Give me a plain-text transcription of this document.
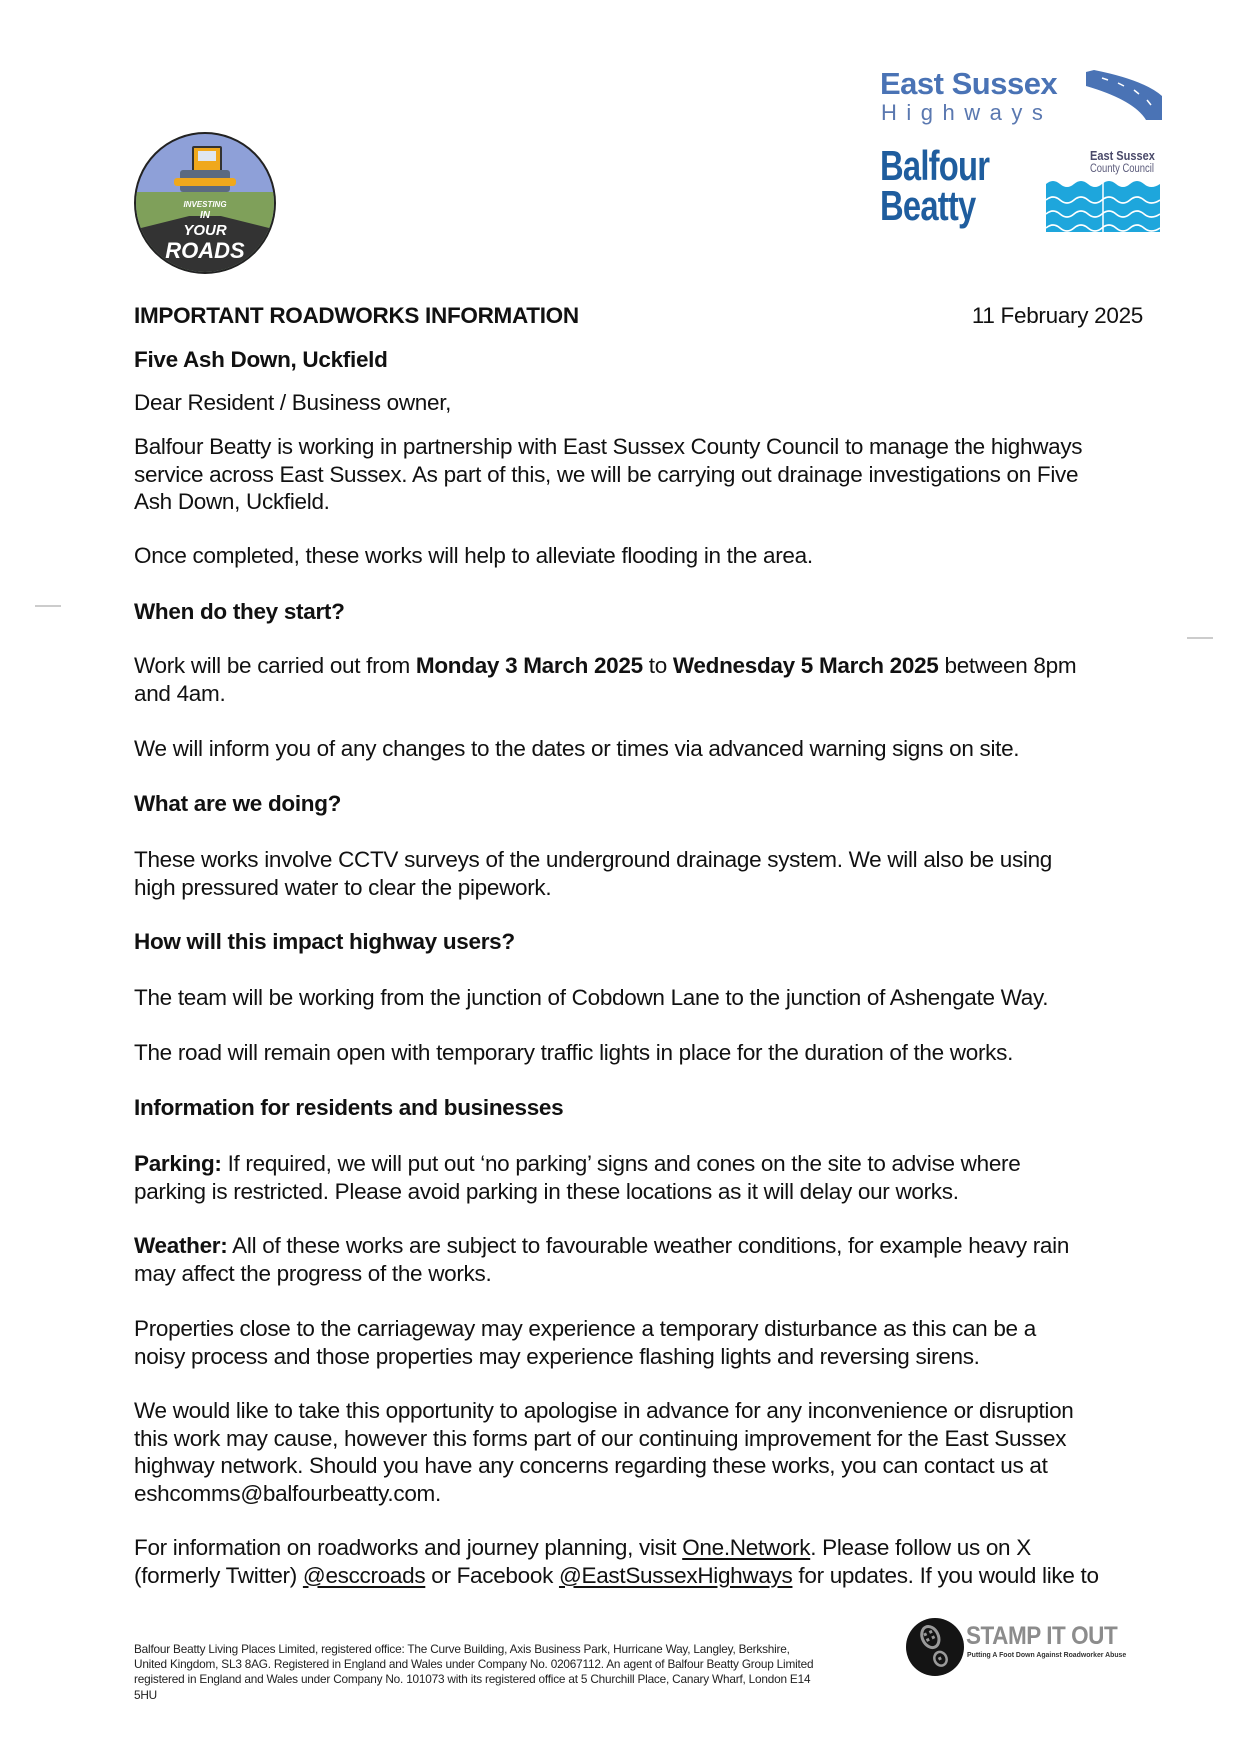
INVESTING
IN
YOUR
ROADS
East Sussex
Highways
Balfour
Beatty
East Sussex
County Council
IMPORTANT ROADWORKS INFORMATION	11 February 2025
Five Ash Down, Uckfield
Dear Resident / Business owner,
Balfour Beatty is working in partnership with East Sussex County Council to manage the highways
service across East Sussex. As part of this, we will be carrying out drainage investigations on Five
Ash Down, Uckfield.
Once completed, these works will help to alleviate flooding in the area.
When do they start?
Work will be carried out from Monday 3 March 2025 to Wednesday 5 March 2025 between 8pm
and 4am.
We will inform you of any changes to the dates or times via advanced warning signs on site.
What are we doing?
These works involve CCTV surveys of the underground drainage system. We will also be using
high pressured water to clear the pipework.
How will this impact highway users?
The team will be working from the junction of Cobdown Lane to the junction of Ashengate Way.
The road will remain open with temporary traffic lights in place for the duration of the works.
Information for residents and businesses
Parking: If required, we will put out ‘no parking’ signs and cones on the site to advise where
parking is restricted. Please avoid parking in these locations as it will delay our works.
Weather: All of these works are subject to favourable weather conditions, for example heavy rain
may affect the progress of the works.
Properties close to the carriageway may experience a temporary disturbance as this can be a
noisy process and those properties may experience flashing lights and reversing sirens.
We would like to take this opportunity to apologise in advance for any inconvenience or disruption
this work may cause, however this forms part of our continuing improvement for the East Sussex
highway network. Should you have any concerns regarding these works, you can contact us at
eshcomms@balfourbeatty.com.
For information on roadworks and journey planning, visit One.Network. Please follow us on X
(formerly Twitter) @esccroads or Facebook @EastSussexHighways for updates. If you would like to
Balfour Beatty Living Places Limited, registered office: The Curve Building, Axis Business Park, Hurricane Way, Langley, Berkshire,
United Kingdom, SL3 8AG. Registered in England and Wales under Company No. 02067112. An agent of Balfour Beatty Group Limited
registered in England and Wales under Company No. 101073 with its registered office at 5 Churchill Place, Canary Wharf, London E14
5HU
STAMP IT OUT
Putting A Foot Down Against Roadworker Abuse
